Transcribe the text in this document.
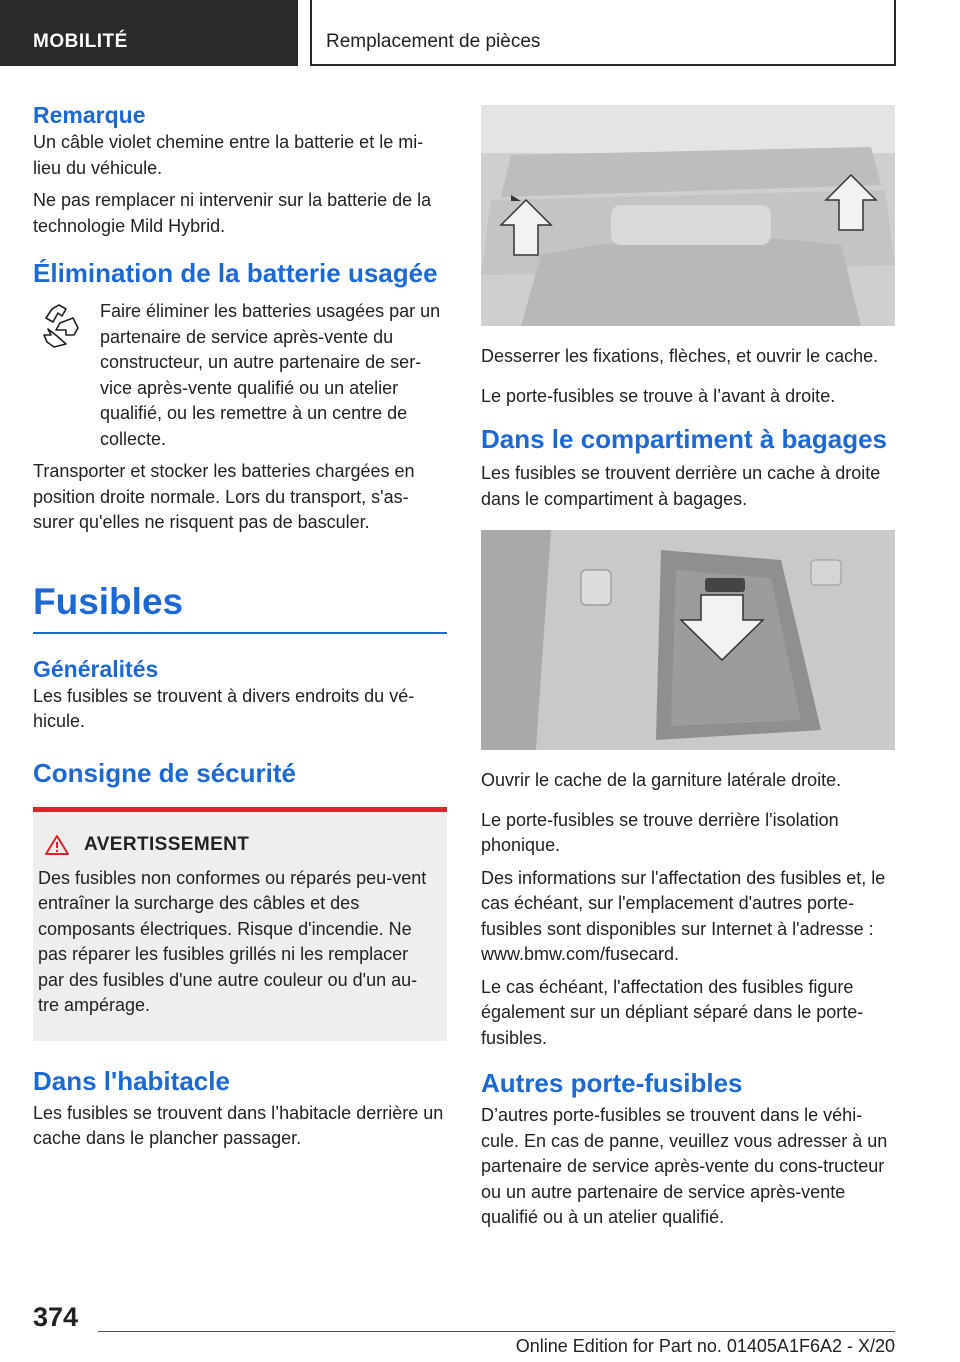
MOBILITÉ	Remplacement de pièces
Remarque

Un câble violet chemine entre la batterie et le mi-lieu du véhicule.

Ne pas remplacer ni intervenir sur la batterie de la technologie Mild Hybrid.

Élimination de la batterie usagée

Faire éliminer les batteries usagées par un partenaire de service après-vente du constructeur, un autre partenaire de ser-vice après-vente qualifié ou un atelier qualifié, ou les remettre à un centre de collecte.

Transporter et stocker les batteries chargées en position droite normale. Lors du transport, s'as-surer qu'elles ne risquent pas de basculer.

Fusibles
Généralités

Les fusibles se trouvent à divers endroits du vé-hicule.

Consigne de sécurité
AVERTISSEMENT

Des fusibles non conformes ou réparés peu-vent entraîner la surcharge des câbles et des composants électriques. Risque d'incendie. Ne pas réparer les fusibles grillés ni les remplacer par des fusibles d'une autre couleur ou d'un au-tre ampérage.

Dans l'habitacle

Les fusibles se trouvent dans l’habitacle derrière un cache dans le plancher passager.

Desserrer les fixations, flèches, et ouvrir le cache.

Le porte-fusibles se trouve à l’avant à droite.

Dans le compartiment à bagages

Les fusibles se trouvent derrière un cache à droite dans le compartiment à bagages.

Ouvrir le cache de la garniture latérale droite.

Le porte-fusibles se trouve derrière l'isolation phonique.

Des informations sur l'affectation des fusibles et, le cas échéant, sur l'emplacement d'autres porte-fusibles sont disponibles sur Internet à l'adresse : www.bmw.com/fusecard.

Le cas échéant, l'affectation des fusibles figure également sur un dépliant séparé dans le porte-fusibles.

Autres porte-fusibles

D’autres porte-fusibles se trouvent dans le véhi-cule. En cas de panne, veuillez vous adresser à un partenaire de service après-vente du cons-tructeur ou un autre partenaire de service après-vente qualifié ou à un atelier qualifié.

374
Online Edition for Part no. 01405A1F6A2 - X/20
